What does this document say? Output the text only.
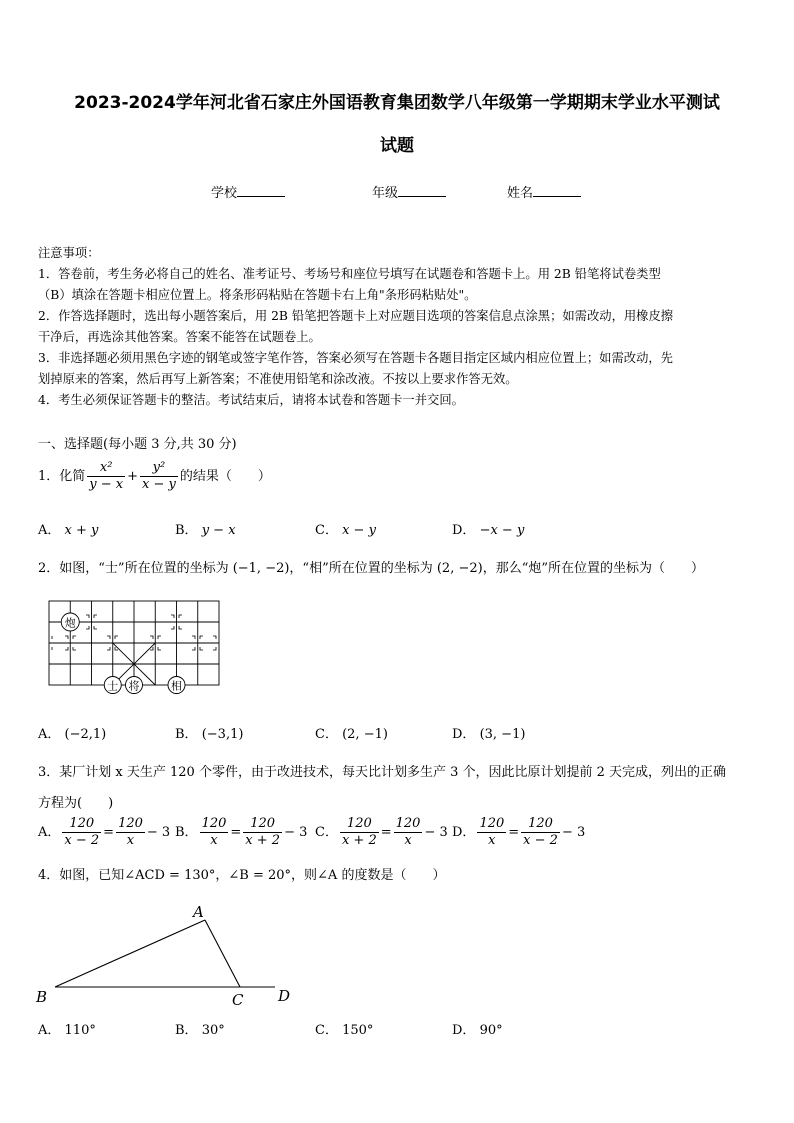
2023-2024学年河北省石家庄外国语教育集团数学八年级第一学期期末学业水平测试
试题
学校	年级	姓名
注意事项：
1．答卷前，考生务必将自己的姓名、准考证号、考场号和座位号填写在试题卷和答题卡上。用 2B 铅笔将试卷类型
（B）填涂在答题卡相应位置上。将条形码粘贴在答题卡右上角"条形码粘贴处"。
2．作答选择题时，选出每小题答案后，用 2B 铅笔把答题卡上对应题目选项的答案信息点涂黑；如需改动，用橡皮擦
干净后，再选涂其他答案。答案不能答在试题卷上。
3．非选择题必须用黑色字迹的钢笔或签字笔作答，答案必须写在答题卡各题目指定区域内相应位置上；如需改动，先
划掉原来的答案，然后再写上新答案；不准使用铅笔和涂改液。不按以上要求作答无效。
4．考生必须保证答题卡的整洁。考试结束后，请将本试卷和答题卡一并交回。
一、选择题(每小题 3 分,共 30 分)
1．化简 $\frac{\text{x²}}{y - x} + \frac{\text{y²}}{x - y}$ 的结果（　　）
A． x + y	B． y − x	C． x − y	D． −x − y
2．如图，“士”所在位置的坐标为 (−1, −2)，“相”所在位置的坐标为 (2, −2)，那么“炮”所在位置的坐标为（　　）
炮
士 将	相
A． (−2,1)	B． (−3,1)	C． (2, −1)	D． (3, −1)
3．某厂计划 x 天生产 120 个零件，由于改进技术，每天比计划多生产 3 个，因此比原计划提前 2 天完成，列出的正确
方程为(　　)
A． $\frac{120}{x - 2} = \frac{120}{x} - 3$ B． $\frac{120}{x} = \frac{120}{x + 2} - 3$ C． $\frac{120}{x + 2} = \frac{120}{x} - 3$ D． $\frac{120}{x} = \frac{120}{x - 2} - 3$
4．如图，已知∠ACD = 130°，∠B = 20°，则∠A 的度数是（　　）
A
B	C D
A． 110°	B． 30°	C． 150°	D． 90°
